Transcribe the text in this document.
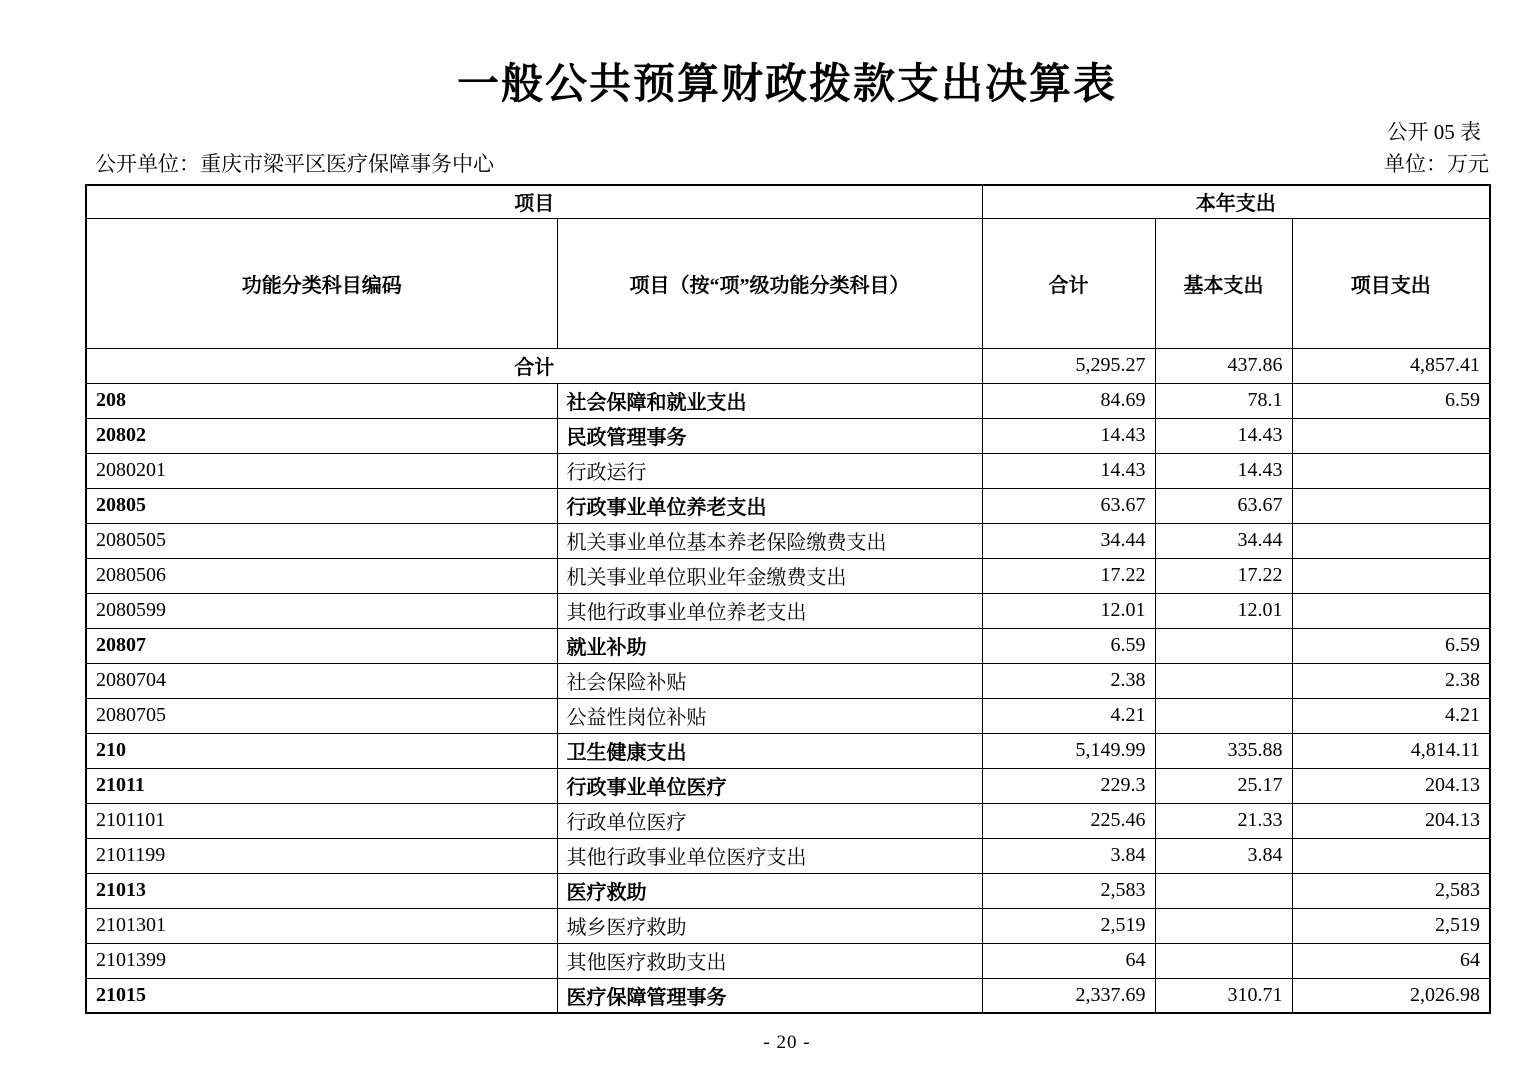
一般公共预算财政拨款支出决算表
公开 05 表
公开单位：重庆市梁平区医疗保障事务中心	单位：万元
项目		本年支出		
功能分类科目编码	项目（按“项”级功能分类科目）	合计	基本支出	项目支出
合计		5,295.27	437.86	4,857.41
208	社会保障和就业支出	84.69	78.1	6.59
20802	民政管理事务	14.43	14.43	
2080201	行政运行	14.43	14.43	
20805	行政事业单位养老支出	63.67	63.67	
2080505	机关事业单位基本养老保险缴费支出	34.44	34.44	
2080506	机关事业单位职业年金缴费支出	17.22	17.22	
2080599	其他行政事业单位养老支出	12.01	12.01	
20807	就业补助	6.59		6.59
2080704	社会保险补贴	2.38		2.38
2080705	公益性岗位补贴	4.21		4.21
210	卫生健康支出	5,149.99	335.88	4,814.11
21011	行政事业单位医疗	229.3	25.17	204.13
2101101	行政单位医疗	225.46	21.33	204.13
2101199	其他行政事业单位医疗支出	3.84	3.84	
21013	医疗救助	2,583		2,583
2101301	城乡医疗救助	2,519		2,519
2101399	其他医疗救助支出	64		64
21015	医疗保障管理事务	2,337.69	310.71	2,026.98
- 20 -
